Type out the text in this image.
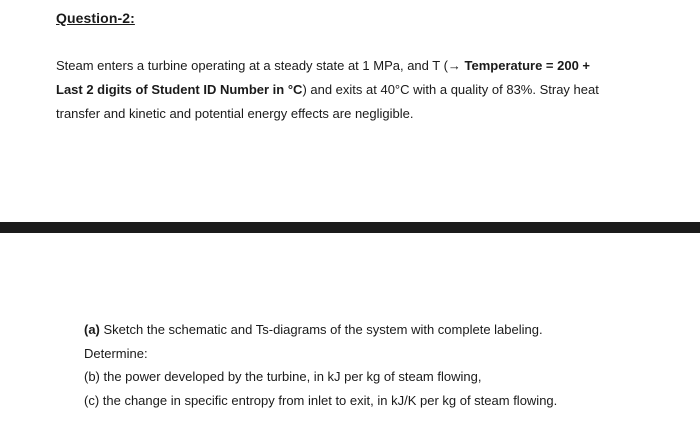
Question-2:
Steam enters a turbine operating at a steady state at 1 MPa, and T (→ Temperature = 200 +
Last 2 digits of Student ID Number in °C) and exits at 40°C with a quality of 83%. Stray heat
transfer and kinetic and potential energy effects are negligible.
(a) Sketch the schematic and Ts-diagrams of the system with complete labeling.
Determine:
(b) the power developed by the turbine, in kJ per kg of steam flowing,
(c) the change in specific entropy from inlet to exit, in kJ/K per kg of steam flowing.
